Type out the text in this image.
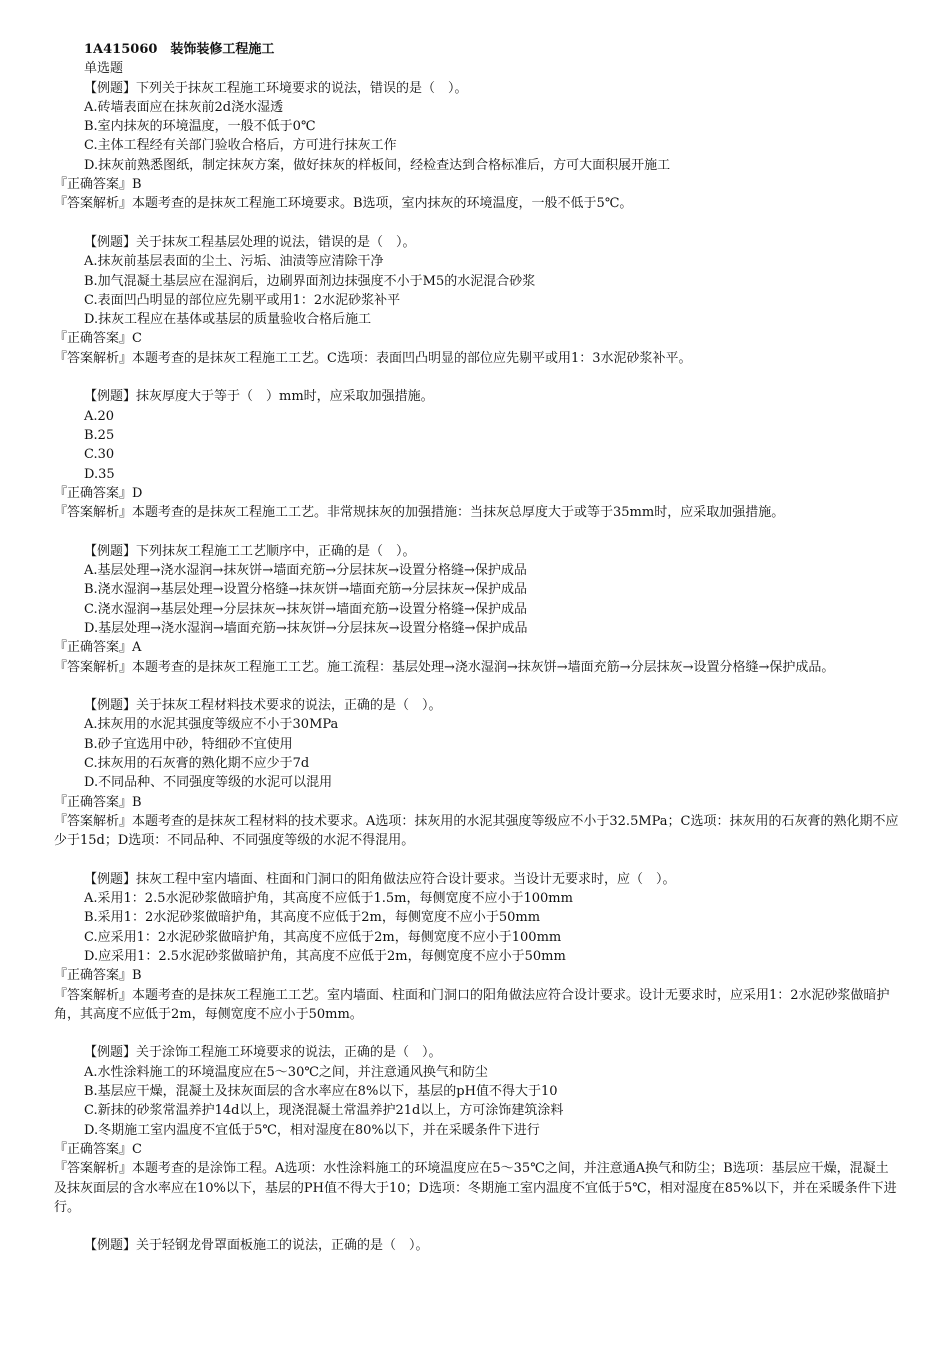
1A415060　装饰装修工程施工
单选题
【例题】下列关于抹灰工程施工环境要求的说法，错误的是（　）。
A.砖墙表面应在抹灰前2d浇水湿透
B.室内抹灰的环境温度，一般不低于0℃
C.主体工程经有关部门验收合格后，方可进行抹灰工作
D.抹灰前熟悉图纸，制定抹灰方案，做好抹灰的样板间，经检查达到合格标准后，方可大面积展开施工
『正确答案』B
『答案解析』本题考查的是抹灰工程施工环境要求。B选项，室内抹灰的环境温度，一般不低于5℃。
【例题】关于抹灰工程基层处理的说法，错误的是（　）。
A.抹灰前基层表面的尘土、污垢、油渍等应清除干净
B.加气混凝土基层应在湿润后，边刷界面剂边抹强度不小于M5的水泥混合砂浆
C.表面凹凸明显的部位应先剔平或用1：2水泥砂浆补平
D.抹灰工程应在基体或基层的质量验收合格后施工
『正确答案』C
『答案解析』本题考查的是抹灰工程施工工艺。C选项：表面凹凸明显的部位应先剔平或用1：3水泥砂浆补平。
【例题】抹灰厚度大于等于（　）mm时，应采取加强措施。
A.20
B.25
C.30
D.35
『正确答案』D
『答案解析』本题考查的是抹灰工程施工工艺。非常规抹灰的加强措施：当抹灰总厚度大于或等于35mm时，应采取加强措施。
【例题】下列抹灰工程施工工艺顺序中，正确的是（　）。
A.基层处理→浇水湿润→抹灰饼→墙面充筋→分层抹灰→设置分格缝→保护成品
B.浇水湿润→基层处理→设置分格缝→抹灰饼→墙面充筋→分层抹灰→保护成品
C.浇水湿润→基层处理→分层抹灰→抹灰饼→墙面充筋→设置分格缝→保护成品
D.基层处理→浇水湿润→墙面充筋→抹灰饼→分层抹灰→设置分格缝→保护成品
『正确答案』A
『答案解析』本题考查的是抹灰工程施工工艺。施工流程：基层处理→浇水湿润→抹灰饼→墙面充筋→分层抹灰→设置分格缝→保护成品。
【例题】关于抹灰工程材料技术要求的说法，正确的是（　）。
A.抹灰用的水泥其强度等级应不小于30MPa
B.砂子宜选用中砂，特细砂不宜使用
C.抹灰用的石灰膏的熟化期不应少于7d
D.不同品种、不同强度等级的水泥可以混用
『正确答案』B
『答案解析』本题考查的是抹灰工程材料的技术要求。A选项：抹灰用的水泥其强度等级应不小于32.5MPa；C选项：抹灰用的石灰膏的熟化期不应少于15d；D选项：不同品种、不同强度等级的水泥不得混用。
【例题】抹灰工程中室内墙面、柱面和门洞口的阳角做法应符合设计要求。当设计无要求时，应（　）。
A.采用1：2.5水泥砂浆做暗护角，其高度不应低于1.5m，每侧宽度不应小于100mm
B.采用1：2水泥砂浆做暗护角，其高度不应低于2m，每侧宽度不应小于50mm
C.应采用1：2水泥砂浆做暗护角，其高度不应低于2m，每侧宽度不应小于100mm
D.应采用1：2.5水泥砂浆做暗护角，其高度不应低于2m，每侧宽度不应小于50mm
『正确答案』B
『答案解析』本题考查的是抹灰工程施工工艺。室内墙面、柱面和门洞口的阳角做法应符合设计要求。设计无要求时，应采用1：2水泥砂浆做暗护角，其高度不应低于2m，每侧宽度不应小于50mm。
【例题】关于涂饰工程施工环境要求的说法，正确的是（　）。
A.水性涂料施工的环境温度应在5～30℃之间，并注意通风换气和防尘
B.基层应干燥，混凝土及抹灰面层的含水率应在8%以下，基层的pH值不得大于10
C.新抹的砂浆常温养护14d以上，现浇混凝土常温养护21d以上，方可涂饰建筑涂料
D.冬期施工室内温度不宜低于5℃，相对湿度在80%以下，并在采暖条件下进行
『正确答案』C
『答案解析』本题考查的是涂饰工程。A选项：水性涂料施工的环境温度应在5～35℃之间，并注意通A换气和防尘；B选项：基层应干燥，混凝土及抹灰面层的含水率应在10%以下，基层的PH值不得大于10；D选项：冬期施工室内温度不宜低于5℃，相对湿度在85%以下，并在采暖条件下进行。
【例题】关于轻钢龙骨罩面板施工的说法，正确的是（　）。
